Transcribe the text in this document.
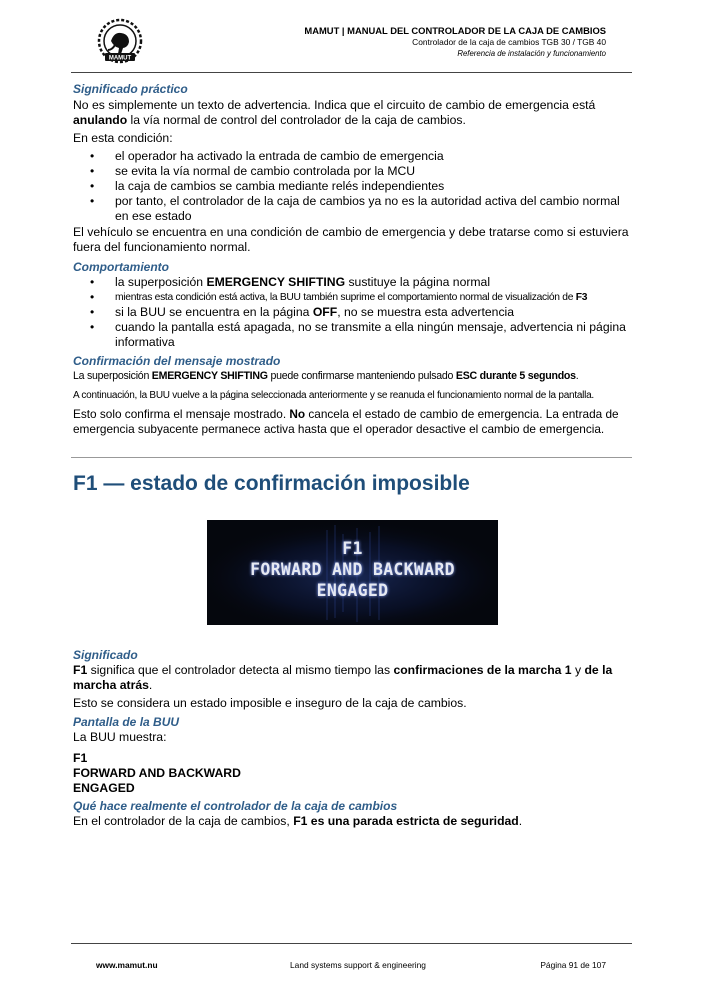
MAMUT
MAMUT | MANUAL DEL CONTROLADOR DE LA CAJA DE CAMBIOS
Controlador de la caja de cambios TGB 30 / TGB 40
Referencia de instalación y funcionamiento

Significado práctico

No es simplemente un texto de advertencia. Indica que el circuito de cambio de emergencia está anulando la vía normal de control del controlador de la caja de cambios.

En esta condición:

• el operador ha activado la entrada de cambio de emergencia
• se evita la vía normal de cambio controlada por la MCU
• la caja de cambios se cambia mediante relés independientes
• por tanto, el controlador de la caja de cambios ya no es la autoridad activa del cambio normal en ese estado

El vehículo se encuentra en una condición de cambio de emergencia y debe tratarse como si estuviera fuera del funcionamiento normal.

Comportamiento

• la superposición EMERGENCY SHIFTING sustituye la página normal
• mientras esta condición está activa, la BUU también suprime el comportamiento normal de visualización de F3
• si la BUU se encuentra en la página OFF, no se muestra esta advertencia
• cuando la pantalla está apagada, no se transmite a ella ningún mensaje, advertencia ni página informativa

Confirmación del mensaje mostrado

La superposición EMERGENCY SHIFTING puede confirmarse manteniendo pulsado ESC durante 5 segundos.

A continuación, la BUU vuelve a la página seleccionada anteriormente y se reanuda el funcionamiento normal de la pantalla.

Esto solo confirma el mensaje mostrado. No cancela el estado de cambio de emergencia. La entrada de emergencia subyacente permanece activa hasta que el operador desactive el cambio de emergencia.

F1 — estado de confirmación imposible
F1
FORWARD AND BACKWARD
ENGAGED

Significado

F1 significa que el controlador detecta al mismo tiempo las confirmaciones de la marcha 1 y de la marcha atrás.

Esto se considera un estado imposible e inseguro de la caja de cambios.

Pantalla de la BUU

La BUU muestra:

F1

FORWARD AND BACKWARD

ENGAGED

Qué hace realmente el controlador de la caja de cambios

En el controlador de la caja de cambios, F1 es una parada estricta de seguridad.

www.mamut.nu	Land systems support & engineering	Página 91 de 107
